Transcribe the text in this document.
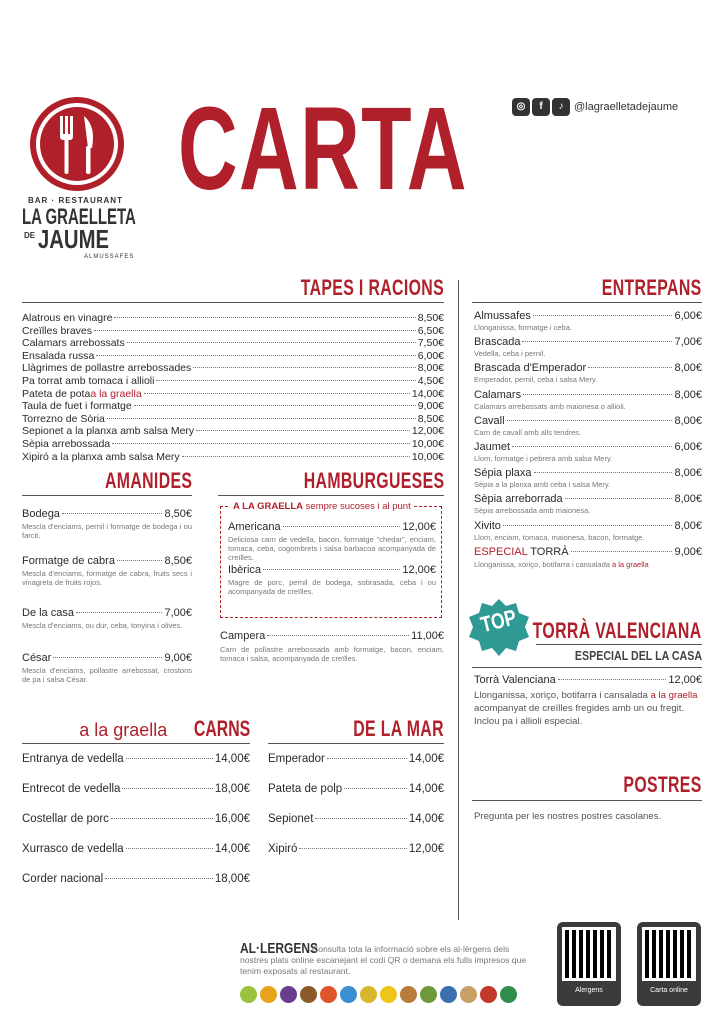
BAR · RESTAURANT
LA GRAELLETA
DE JAUME
ALMUSSAFES
CARTA	◎	f	♪ @lagraelletadejaume
TAPES I RACIONS
Alatrous en vinagre	8,50€
Creïlles braves	6,50€
Calamars arrebossats	7,50€
Ensalada russa	6,00€
Llàgrimes de pollastre arrebossades	8,00€
Pa torrat amb tomaca i allioli	4,50€
Pateta de pota a la graella	14,00€
Taula de fuet i formatge	9,00€
Torrezno de Sòria	8,50€
Sepionet a la planxa amb salsa Mery	12,00€
Sèpia arrebossada	10,00€
Xipiró a la planxa amb salsa Mery	10,00€
AMANIDES
Bodega	8,50€
Mescla d'enciams, pernil i formatge de bodega i ou farcit.
Formatge de cabra	8,50€
Mescla d'enciams, formatge de cabra, fruits secs i vinagreta de fruits rojos.
De la casa	7,00€
Mescla d'enciams, ou dur, ceba, tonyina i olives.
César	9,00€
Mescla d'enciams, pollastre arrebossat, crostons de pa i salsa César.
HAMBURGUESES
A LA GRAELLA sempre sucoses i al punt
Americana	12,00€
Deliciosa carn de vedella, bacon, formatge "chedar", enciam, tomaca, ceba, cogombrets i salsa barbacoa acompanyada de creïlles.
Ibèrica	12,00€
Magre de porc, pernil de bodega, sobrasada, ceba i ou acompanyada de creïlles.
Campera	11,00€
Carn de pollastre arrebossada amb formatge, bacon, enciam, tomaca i salsa, acompanyada de creïlles.
a la graella CARNS
Entranya de vedella	14,00€
Entrecot de vedella	18,00€
Costellar de porc	16,00€
Xurrasco de vedella	14,00€
Corder nacional	18,00€
DE LA MAR
Emperador	14,00€
Pateta de polp	14,00€
Sepionet	14,00€
Xipiró	12,00€
ENTREPANS
Almussafes	6,00€
Llonganissa, formatge i ceba.
Brascada	7,00€
Vedella, ceba i pernil.
Brascada d'Emperador	8,00€
Emperador, pernil, ceba i salsa Mery.
Calamars	8,00€
Calamars arrebossats amb maionesa o allioli.
Cavall	8,00€
Carn de cavall amb alls tendres.
Jaumet	6,00€
Llom, formatge i pebrera amb salsa Mery.
Sépia plaxa	8,00€
Sèpia a la planxa amb ceba i salsa Mery.
Sèpia arreborrada	8,00€
Sèpia arrebossada amb maionesa.
Xivito	8,00€
Llom, enciam, tomaca, maionesa, bacon, formatge.
ESPECIAL TORRÀ	9,00€
Llonganissa, xoriço, botifarra i cansalada a la graella
TOP TORRÀ VALENCIANA
ESPECIAL DEL LA CASA
Torrà Valenciana	12,00€
Llonganissa, xoriço, botifarra i cansalada a la graella acompanyat de creïlles fregides amb un ou fregit. Inclou pa i allioli especial.
POSTRES
Pregunta per les nostres postres casolanes.
AL·LERGENS
Consulta tota la informació sobre els al·lèrgens dels nostres plats online escanejant el codi QR o demana els fulls impresos que tenim exposats al restaurant.
Alergens	Carta online
